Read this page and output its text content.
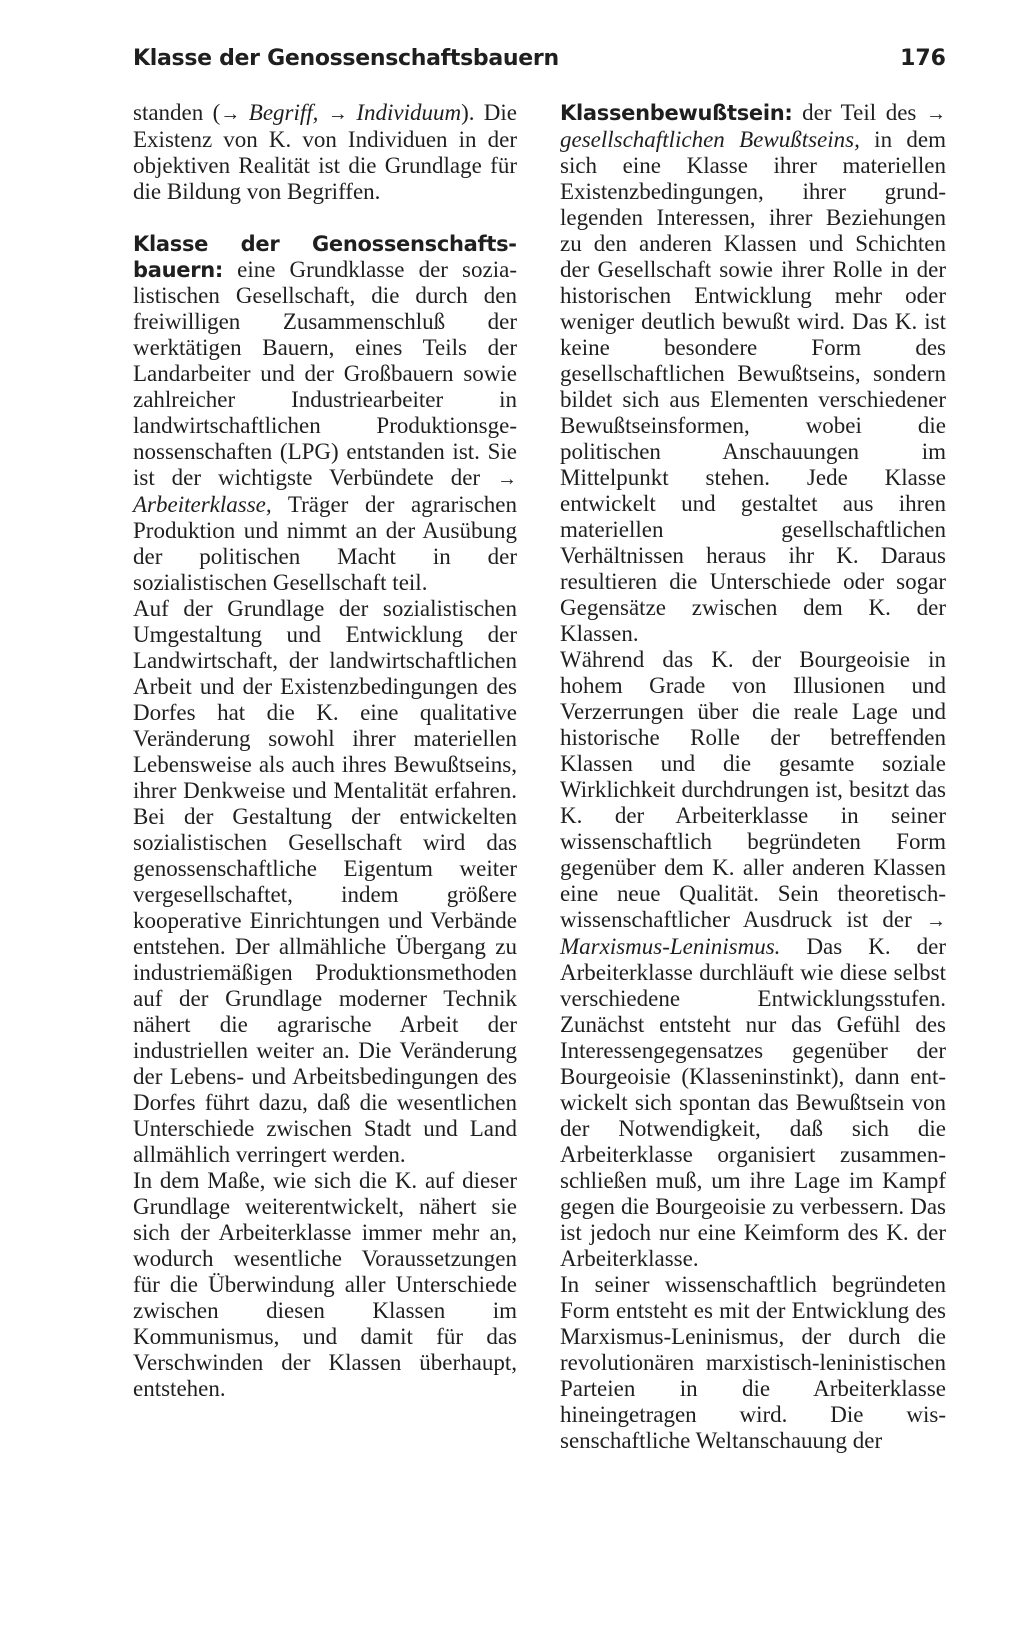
Klasse der Genossenschaftsbauern	176

standen (→ Begriff, → Individuum). Die Existenz von K. von Individuen in der objektiven Realität ist die Grundlage für die Bildung von Begriffen.

Klasse der Genossenschaftsbauern: eine Grundklasse der sozialistischen Gesellschaft, die durch den freiwilligen Zusammenschluß der werktätigen Bauern, eines Teils der Landarbeiter und der Großbauern sowie zahlreicher Industriearbeiter in landwirtschaftlichen Produktionsgenossenschaften (LPG) entstanden ist. Sie ist der wichtigste Verbündete der → Arbeiterklasse, Träger der agrarischen Produktion und nimmt an der Ausübung der politischen Macht in der sozialistischen Gesellschaft teil.

Auf der Grundlage der sozialistischen Umgestaltung und Entwicklung der Landwirtschaft, der landwirtschaftlichen Arbeit und der Existenzbedingungen des Dorfes hat die K. eine qualitative Veränderung sowohl ihrer materiellen Lebensweise als auch ihres Bewußtseins, ihrer Denkweise und Mentalität erfahren. Bei der Gestaltung der entwickelten sozialistischen Gesellschaft wird das genossenschaftliche Eigentum weiter vergesellschaftet, indem größere kooperative Einrichtungen und Verbände entstehen. Der allmähliche Übergang zu industriemäßigen Produktionsmethoden auf der Grundlage moderner Technik nähert die agrarische Arbeit der industriellen weiter an. Die Veränderung der Lebens- und Arbeitsbedingungen des Dorfes führt dazu, daß die wesentlichen Unterschiede zwischen Stadt und Land allmählich verringert werden.

In dem Maße, wie sich die K. auf dieser Grundlage weiterentwickelt, nähert sie sich der Arbeiterklasse immer mehr an, wodurch wesentliche Voraussetzungen für die Überwindung aller Unterschiede zwischen diesen Klassen im Kommunismus, und damit für das Verschwinden der Klassen überhaupt, entstehen.

Klassenbewußtsein: der Teil des → gesellschaftlichen Bewußtseins, in dem sich eine Klasse ihrer materiellen Existenzbedingungen, ihrer grundlegenden Interessen, ihrer Beziehungen zu den anderen Klassen und Schichten der Gesellschaft sowie ihrer Rolle in der historischen Entwicklung mehr oder weniger deutlich bewußt wird. Das K. ist keine besondere Form des gesellschaftlichen Bewußtseins, sondern bildet sich aus Elementen verschiedener Bewußtseinsformen, wobei die politischen Anschauungen im Mittelpunkt stehen. Jede Klasse entwickelt und gestaltet aus ihren materiellen gesellschaftlichen Verhältnissen heraus ihr K. Daraus resultieren die Unterschiede oder sogar Gegensätze zwischen dem K. der Klassen.

Während das K. der Bourgeoisie in hohem Grade von Illusionen und Verzerrungen über die reale Lage und historische Rolle der betreffenden Klassen und die gesamte soziale Wirklichkeit durchdrungen ist, besitzt das K. der Arbeiterklasse in seiner wissenschaftlich begründeten Form gegenüber dem K. aller anderen Klassen eine neue Qualität. Sein theoretisch-wissenschaftlicher Ausdruck ist der → Marxismus-Leninismus. Das K. der Arbeiterklasse durchläuft wie diese selbst verschiedene Entwicklungsstufen. Zunächst entsteht nur das Gefühl des Interessengegensatzes gegenüber der Bourgeoisie (Klasseninstinkt), dann entwickelt sich spontan das Bewußtsein von der Notwendigkeit, daß sich die Arbeiterklasse organisiert zusammenschließen muß, um ihre Lage im Kampf gegen die Bourgeoisie zu verbessern. Das ist jedoch nur eine Keimform des K. der Arbeiterklasse.

In seiner wissenschaftlich begründeten Form entsteht es mit der Entwicklung des Marxismus-Leninismus, der durch die revolutionären marxistisch-leninistischen Parteien in die Arbeiterklasse hineingetragen wird. Die wissenschaftliche Weltanschauung der
